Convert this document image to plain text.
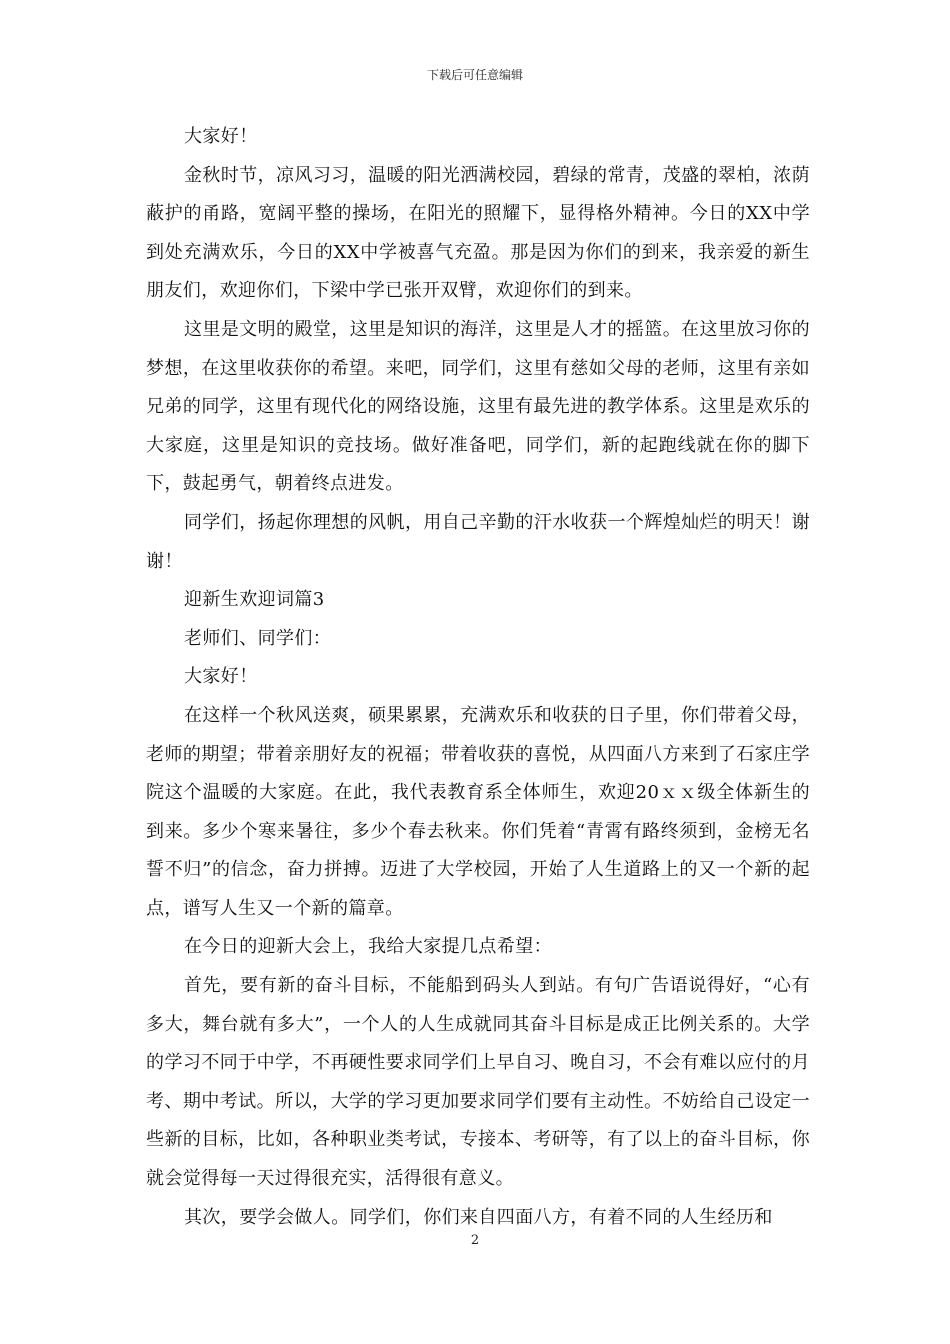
下载后可任意编辑

大家好！

金秋时节，凉风习习，温暖的阳光洒满校园，碧绿的常青，茂盛的翠柏，浓荫蔽护的甬路，宽阔平整的操场，在阳光的照耀下，显得格外精神。今日的XX中学到处充满欢乐，今日的XX中学被喜气充盈。那是因为你们的到来，我亲爱的新生朋友们，欢迎你们，下梁中学已张开双臂，欢迎你们的到来。

这里是文明的殿堂，这里是知识的海洋，这里是人才的摇篮。在这里放习你的梦想，在这里收获你的希望。来吧，同学们，这里有慈如父母的老师，这里有亲如兄弟的同学，这里有现代化的网络设施，这里有最先进的教学体系。这里是欢乐的大家庭，这里是知识的竞技场。做好准备吧，同学们，新的起跑线就在你的脚下下，鼓起勇气，朝着终点进发。

同学们，扬起你理想的风帆，用自己辛勤的汗水收获一个辉煌灿烂的明天！谢谢！

迎新生欢迎词篇3

老师们、同学们：

大家好！

在这样一个秋风送爽，硕果累累，充满欢乐和收获的日子里，你们带着父母，老师的期望；带着亲朋好友的祝福；带着收获的喜悦，从四面八方来到了石家庄学院这个温暖的大家庭。在此，我代表教育系全体师生，欢迎20ｘｘ级全体新生的到来。多少个寒来暑往，多少个春去秋来。你们凭着“青霄有路终须到，金榜无名誓不归”的信念，奋力拼搏。迈进了大学校园，开始了人生道路上的又一个新的起点，谱写人生又一个新的篇章。

在今日的迎新大会上，我给大家提几点希望：

首先，要有新的奋斗目标，不能船到码头人到站。有句广告语说得好，“心有多大，舞台就有多大”，一个人的人生成就同其奋斗目标是成正比例关系的。大学的学习不同于中学，不再硬性要求同学们上早自习、晚自习，不会有难以应付的月考、期中考试。所以，大学的学习更加要求同学们要有主动性。不妨给自己设定一些新的目标，比如，各种职业类考试，专接本、考研等，有了以上的奋斗目标，你就会觉得每一天过得很充实，活得很有意义。

其次，要学会做人。同学们，你们来自四面八方，有着不同的人生经历和

2
